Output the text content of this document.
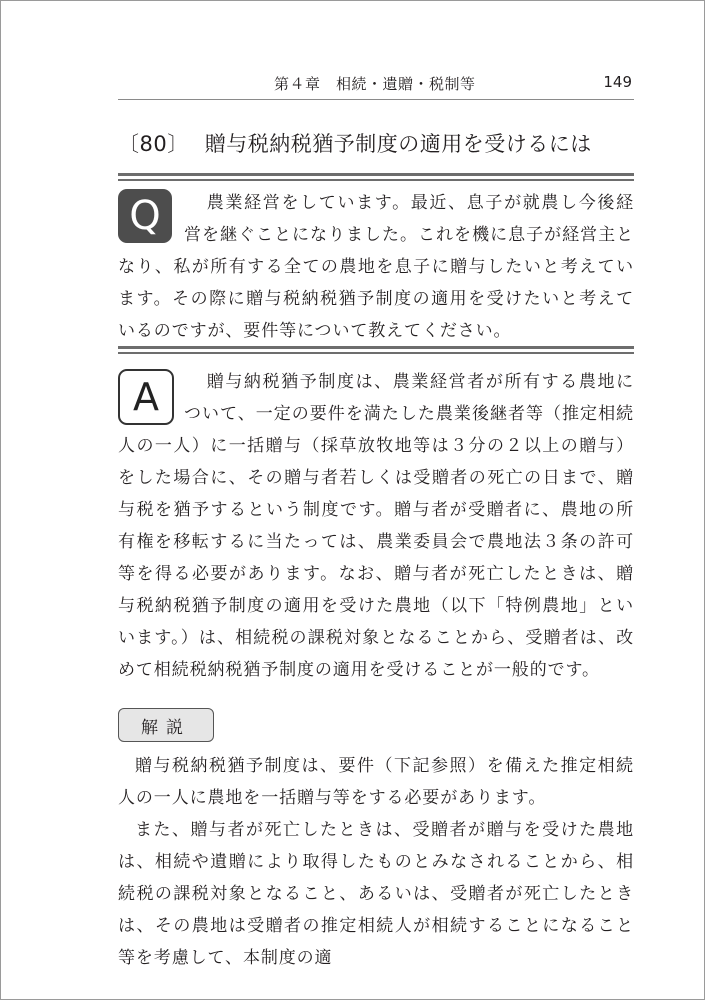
第４章　相続・遺贈・税制等	149
〔80〕 贈与税納税猶予制度の適用を受けるには
Q	農業経営をしています。最近、息子が就農し今後経営を継ぐことになりました。これを機に息子が経営主となり、私が所有する全ての農地を息子に贈与したいと考えています。その際に贈与税納税猶予制度の適用を受けたいと考えているのですが、要件等について教えてください。
A	贈与納税猶予制度は、農業経営者が所有する農地について、一定の要件を満たした農業後継者等（推定相続人の一人）に一括贈与（採草放牧地等は３分の２以上の贈与）をした場合に、その贈与者若しくは受贈者の死亡の日まで、贈与税を猶予するという制度です。贈与者が受贈者に、農地の所有権を移転するに当たっては、農業委員会で農地法３条の許可等を得る必要があります。なお、贈与者が死亡したときは、贈与税納税猶予制度の適用を受けた農地（以下「特例農地」といいます。）は、相続税の課税対象となることから、受贈者は、改めて相続税納税猶予制度の適用を受けることが一般的です。
解説

贈与税納税猶予制度は、要件（下記参照）を備えた推定相続人の一人に農地を一括贈与等をする必要があります。

また、贈与者が死亡したときは、受贈者が贈与を受けた農地は、相続や遺贈により取得したものとみなされることから、相続税の課税対象となること、あるいは、受贈者が死亡したときは、その農地は受贈者の推定相続人が相続することになること等を考慮して、本制度の適
